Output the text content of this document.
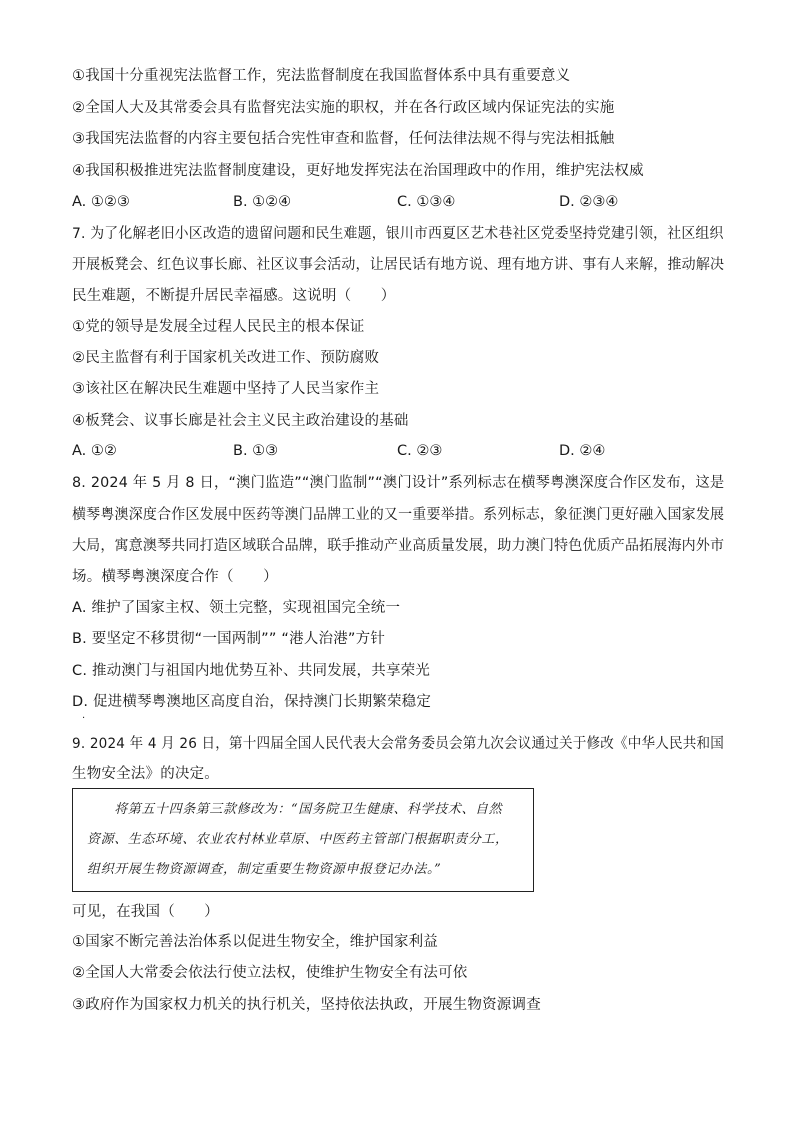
①我国十分重视宪法监督工作，宪法监督制度在我国监督体系中具有重要意义
②全国人大及其常委会具有监督宪法实施的职权，并在各行政区域内保证宪法的实施
③我国宪法监督的内容主要包括合宪性审查和监督，任何法律法规不得与宪法相抵触
④我国积极推进宪法监督制度建设，更好地发挥宪法在治国理政中的作用，维护宪法权威
A. ①②③	B. ①②④	C. ①③④	D. ②③④
7. 为了化解老旧小区改造的遗留问题和民生难题，银川市西夏区艺术巷社区党委坚持党建引领，社区组织
开展板凳会、红色议事长廊、社区议事会活动，让居民话有地方说、理有地方讲、事有人来解，推动解决
民生难题，不断提升居民幸福感。这说明（　　）
①党的领导是发展全过程人民民主的根本保证
②民主监督有利于国家机关改进工作、预防腐败
③该社区在解决民生难题中坚持了人民当家作主
④板凳会、议事长廊是社会主义民主政治建设的基础
A. ①②	B. ①③	C. ②③	D. ②④
8. 2024 年 5 月 8 日，“澳门监造”“澳门监制”“澳门设计”系列标志在横琴粤澳深度合作区发布，这是
横琴粤澳深度合作区发展中医药等澳门品牌工业的又一重要举措。系列标志，象征澳门更好融入国家发展
大局，寓意澳琴共同打造区域联合品牌，联手推动产业高质量发展，助力澳门特色优质产品拓展海内外市
场。横琴粤澳深度合作（　　）
A. 维护了国家主权、领土完整，实现祖国完全统一
B. 要坚定不移贯彻“一国两制”” “港人治港”方针
C. 推动澳门与祖国内地优势互补、共同发展，共享荣光
D. 促进横琴粤澳地区高度自治，保持澳门长期繁荣稳定
·
9. 2024 年 4 月 26 日，第十四届全国人民代表大会常务委员会第九次会议通过关于修改《中华人民共和国
生物安全法》的决定。
　　将第五十四条第三款修改为：“国务院卫生健康、科学技术、自然
资源、生态环境、农业农村林业草原、中医药主管部门根据职责分工，
组织开展生物资源调查，制定重要生物资源申报登记办法。”
可见，在我国（　　）
①国家不断完善法治体系以促进生物安全，维护国家利益
②全国人大常委会依法行使立法权，使维护生物安全有法可依
③政府作为国家权力机关的执行机关，坚持依法执政，开展生物资源调查
